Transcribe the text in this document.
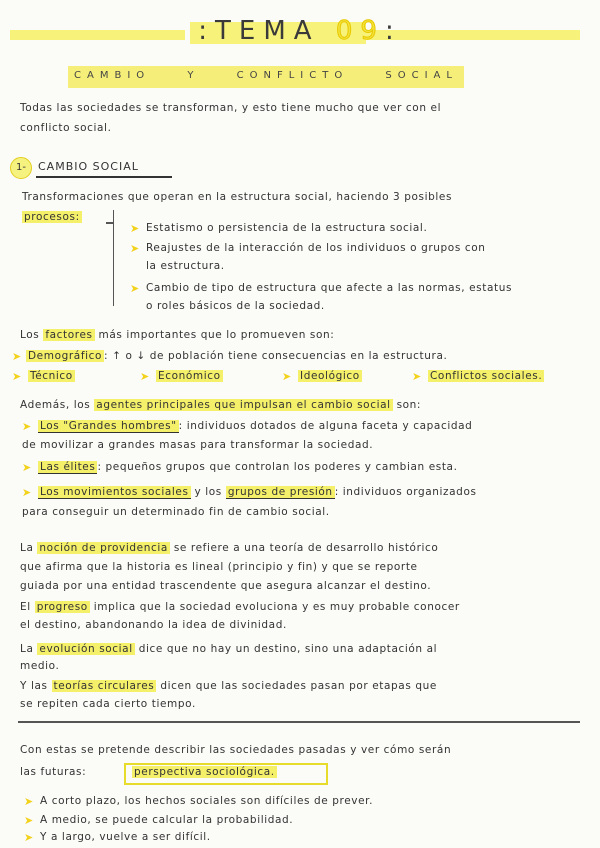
:TEMA 09:
CAMBIO Y CONFLICTO SOCIAL
Todas las sociedades se transforman, y esto tiene mucho que ver con el
conflicto social.
1-	CAMBIO SOCIAL
Transformaciones que operan en la estructura social, haciendo 3 posibles
procesos:
➤ Estatismo o persistencia de la estructura social.
➤ Reajustes de la interacción de los individuos o grupos con
la estructura.
➤ Cambio de tipo de estructura que afecte a las normas, estatus
o roles básicos de la sociedad.
Los factores más importantes que lo promueven son:
➤ Demográfico : ↑ o ↓ de población tiene consecuencias en la estructura.
➤ Técnico	➤ Económico	➤ Ideológico	➤ Conflictos sociales.
Además, los agentes principales que impulsan el cambio social son:
➤ Los "Grandes hombres" : individuos dotados de alguna faceta y capacidad
de movilizar a grandes masas para transformar la sociedad.
➤ Las élites : pequeños grupos que controlan los poderes y cambian esta.
➤ Los movimientos sociales y los grupos de presión : individuos organizados
para conseguir un determinado fin de cambio social.
La noción de providencia se refiere a una teoría de desarrollo histórico
que afirma que la historia es lineal (principio y fin) y que se reporte
guiada por una entidad trascendente que asegura alcanzar el destino.
El progreso implica que la sociedad evoluciona y es muy probable conocer
el destino, abandonando la idea de divinidad.
La evolución social dice que no hay un destino, sino una adaptación al
medio.
Y las teorías circulares dicen que las sociedades pasan por etapas que
se repiten cada cierto tiempo.
Con estas se pretende describir las sociedades pasadas y ver cómo serán
las futuras:	perspectiva sociológica.
➤ A corto plazo, los hechos sociales son difíciles de prever.
➤ A medio, se puede calcular la probabilidad.
➤ Y a largo, vuelve a ser difícil.
